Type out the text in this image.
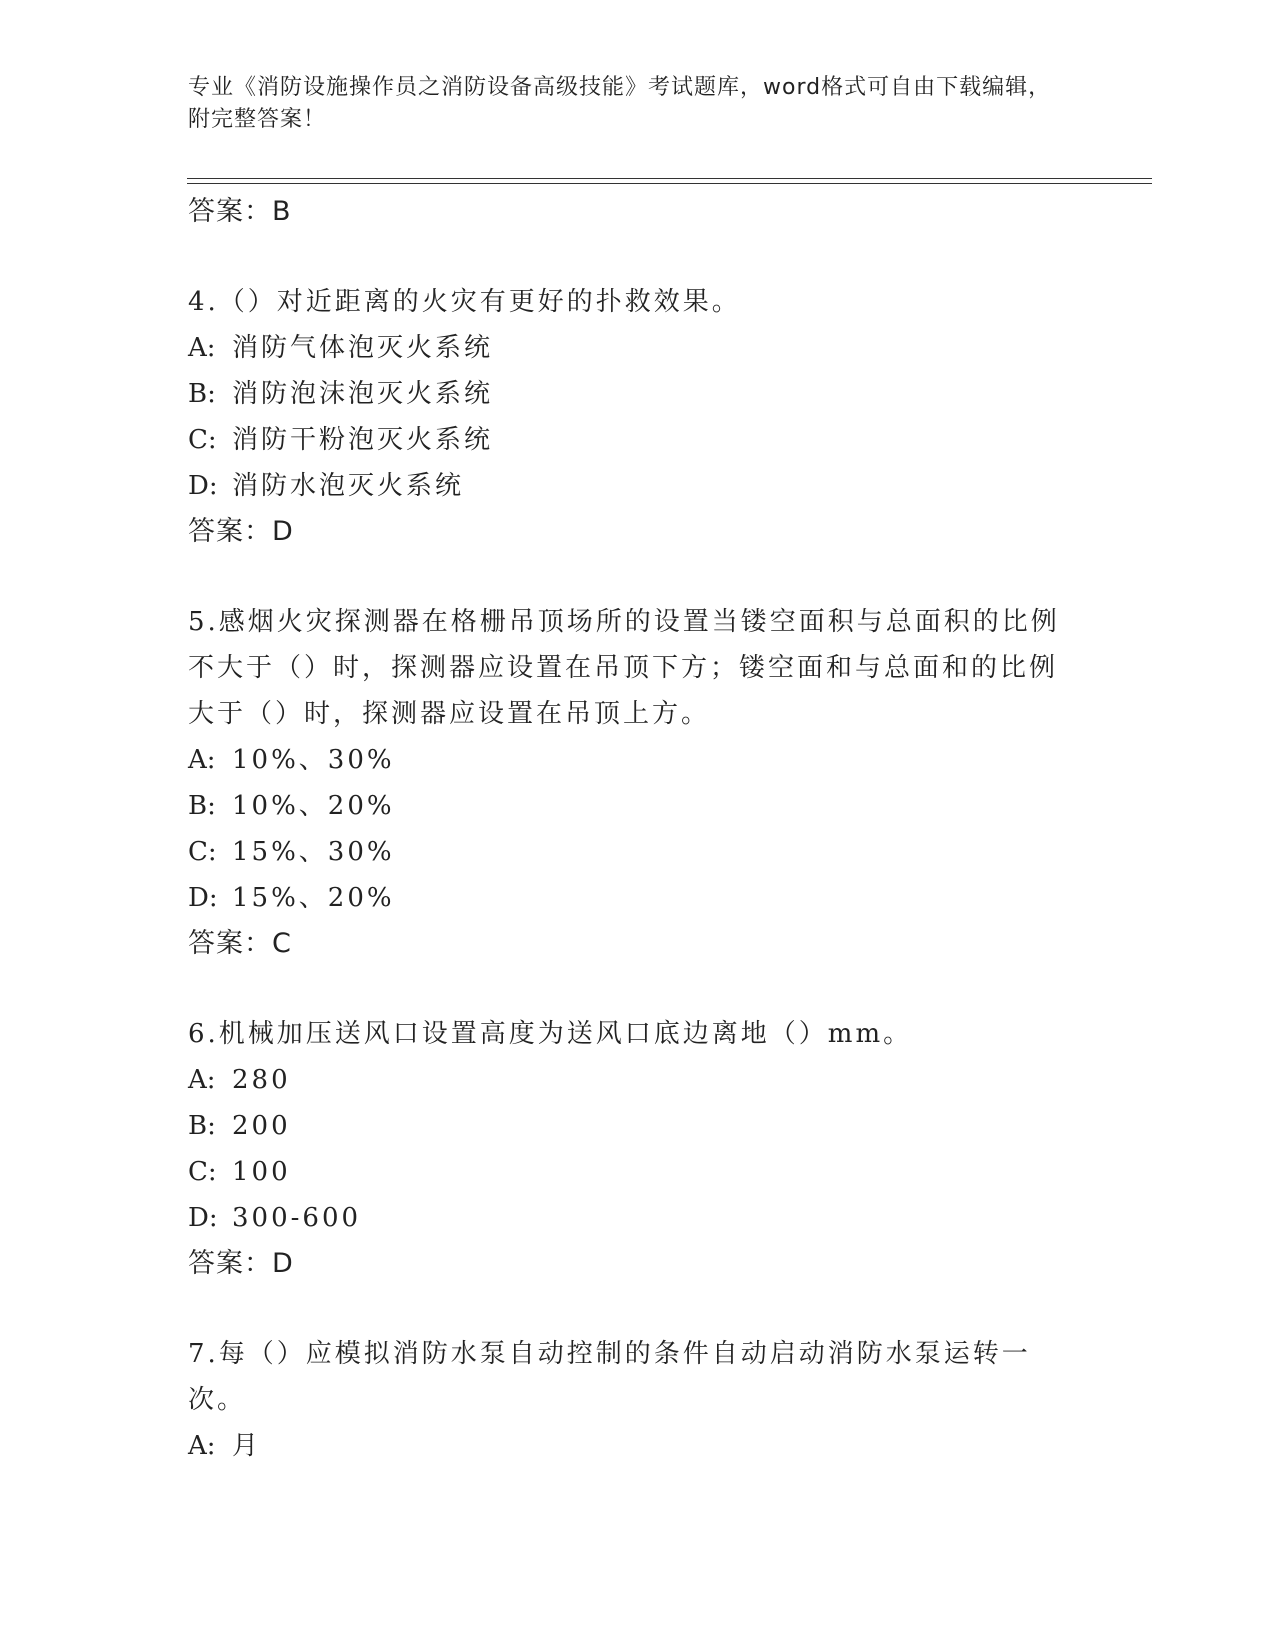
专业《消防设施操作员之消防设备高级技能》考试题库，word格式可自由下载编辑，附完整答案！
答案：B
4.（）对近距离的火灾有更好的扑救效果。
A: 消防气体泡灭火系统
B: 消防泡沫泡灭火系统
C: 消防干粉泡灭火系统
D: 消防水泡灭火系统
答案：D
5.感烟火灾探测器在格栅吊顶场所的设置当镂空面积与总面积的比例不大于（）时，探测器应设置在吊顶下方；镂空面和与总面和的比例大于（）时，探测器应设置在吊顶上方。
A: 10%、30%
B: 10%、20%
C: 15%、30%
D: 15%、20%
答案：C
6.机械加压送风口设置高度为送风口底边离地（）mm。
A: 280
B: 200
C: 100
D: 300-600
答案：D
7.每（）应模拟消防水泵自动控制的条件自动启动消防水泵运转一次。
A: 月
